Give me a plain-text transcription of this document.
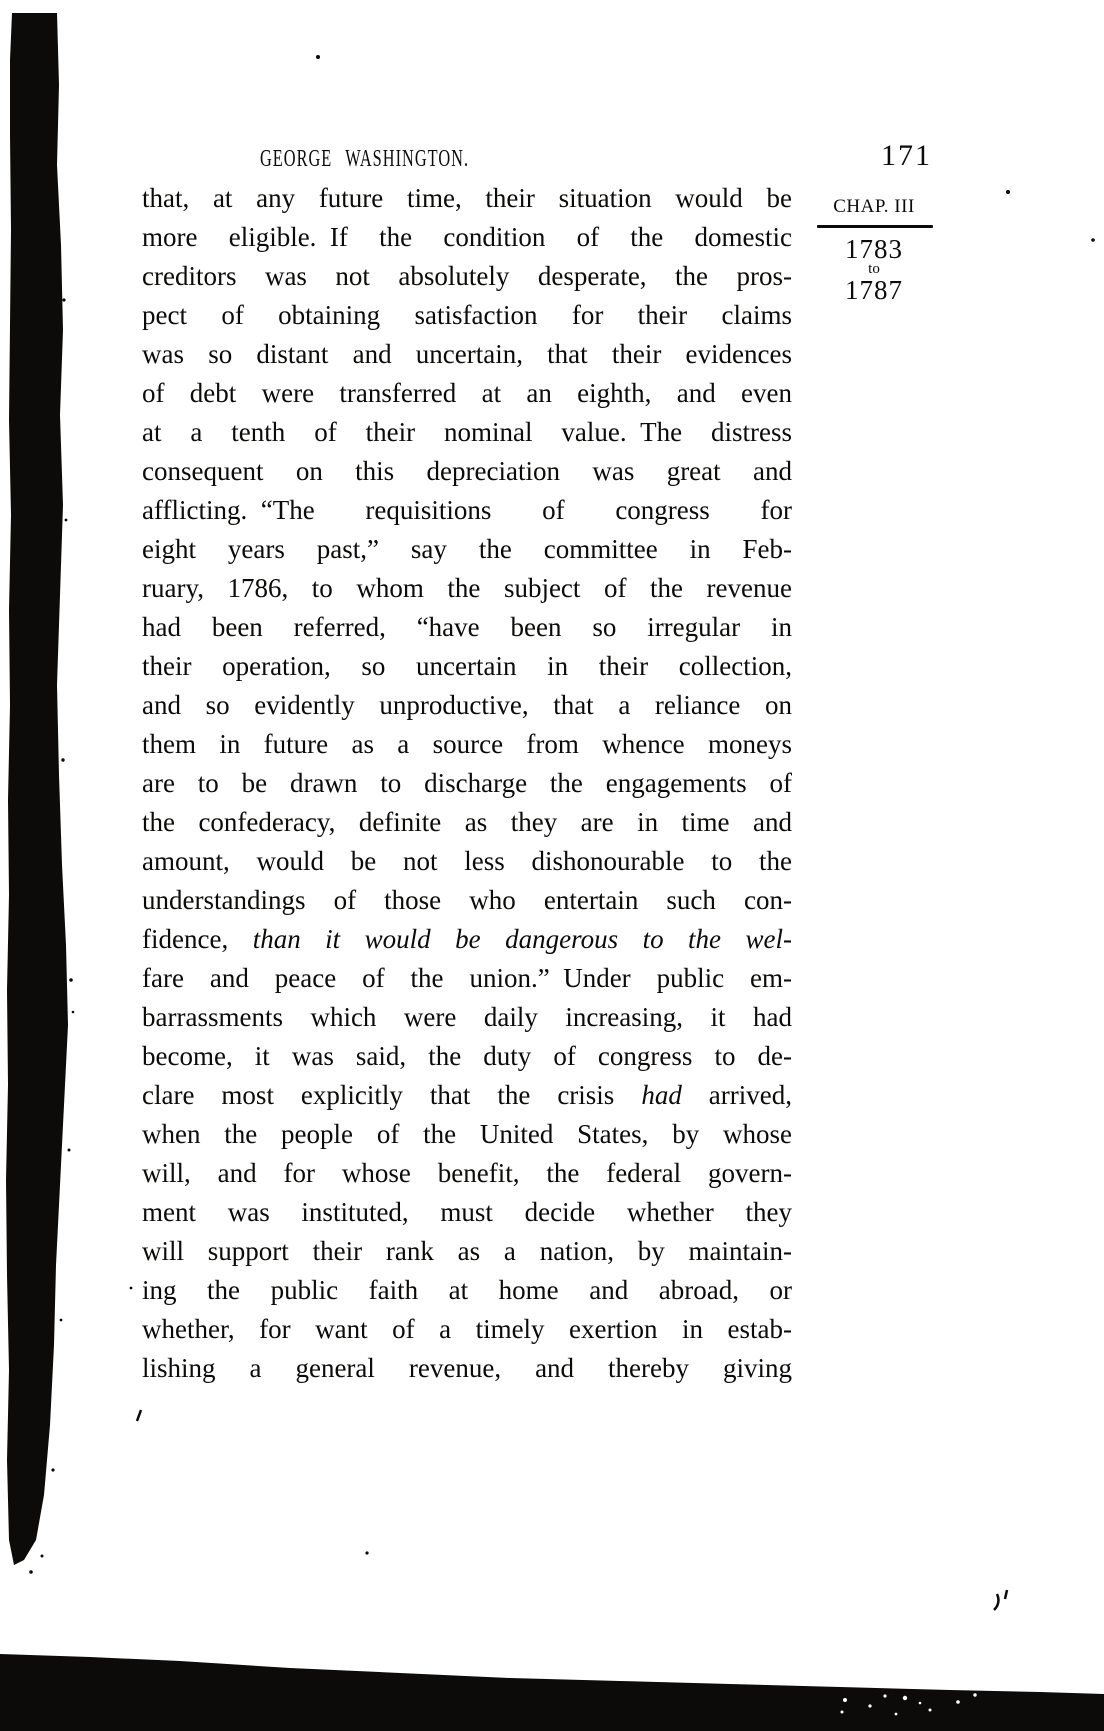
GEORGE WASHINGTON.	171
CHAP. III
1783
to
1787
that, at any future time, their situation would be
more eligible. If the condition of the domestic
creditors was not absolutely desperate, the pros-
pect of obtaining satisfaction for their claims
was so distant and uncertain, that their evidences
of debt were transferred at an eighth, and even
at a tenth of their nominal value. The distress
consequent on this depreciation was great and
afflicting. “The requisitions of congress for
eight years past,” say the committee in Feb-
ruary, 1786, to whom the subject of the revenue
had been referred, “have been so irregular in
their operation, so uncertain in their collection,
and so evidently unproductive, that a reliance on
them in future as a source from whence moneys
are to be drawn to discharge the engagements of
the confederacy, definite as they are in time and
amount, would be not less dishonourable to the
understandings of those who entertain such con-
fidence, than it would be dangerous to the wel-
fare and peace of the union.” Under public em-
barrassments which were daily increasing, it had
become, it was said, the duty of congress to de-
clare most explicitly that the crisis had arrived,
when the people of the United States, by whose
will, and for whose benefit, the federal govern-
ment was instituted, must decide whether they
will support their rank as a nation, by maintain-
ing the public faith at home and abroad, or
whether, for want of a timely exertion in estab-
lishing a general revenue, and thereby giving
